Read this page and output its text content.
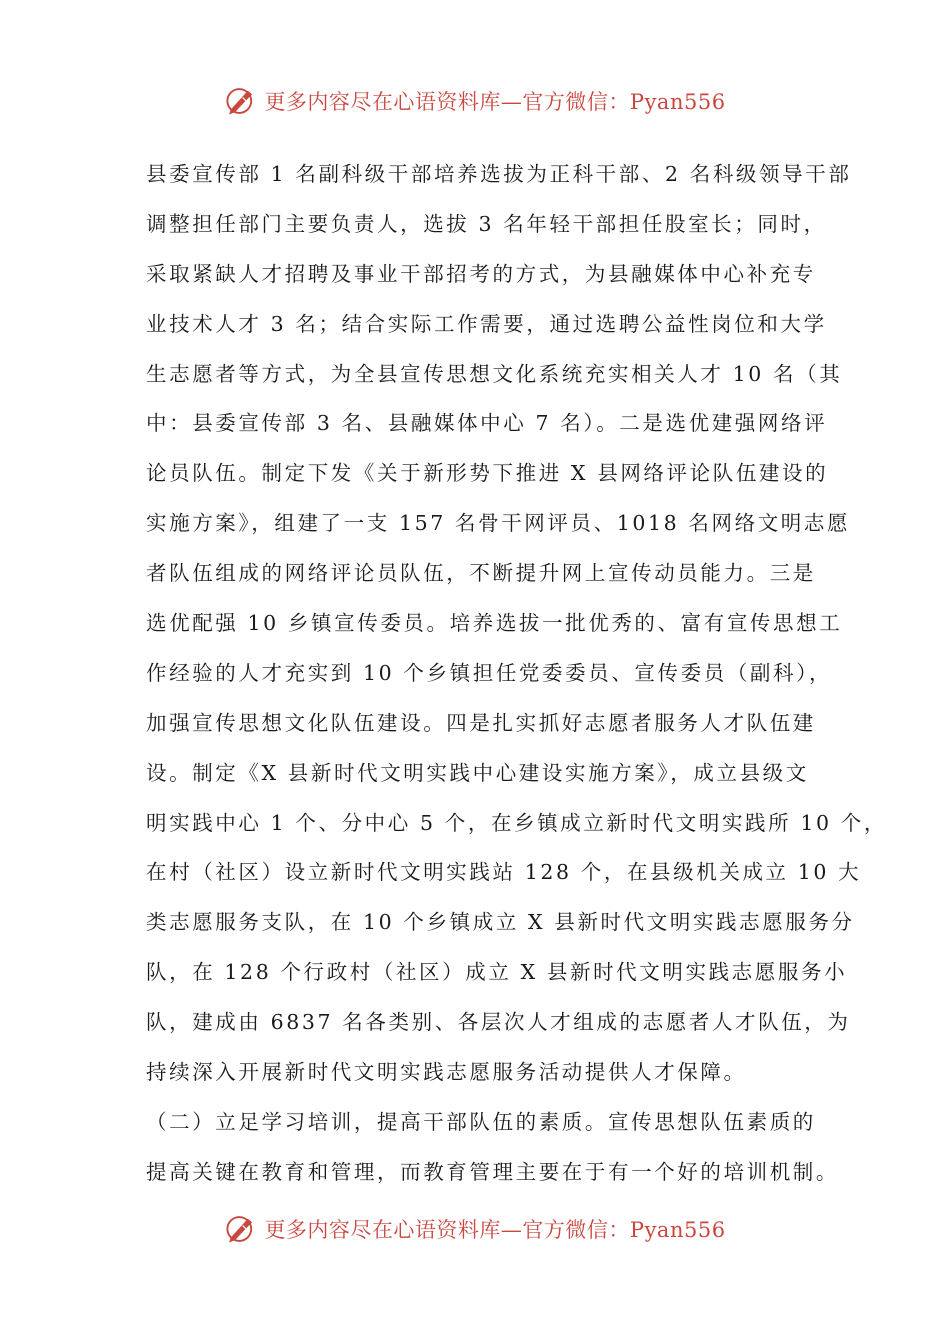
更多内容尽在心语资料库—官方微信：Pyan556
县委宣传部 1 名副科级干部培养选拔为正科干部、2 名科级领导干部
调整担任部门主要负责人，选拔 3 名年轻干部担任股室长；同时，
采取紧缺人才招聘及事业干部招考的方式，为县融媒体中心补充专
业技术人才 3 名；结合实际工作需要，通过选聘公益性岗位和大学
生志愿者等方式，为全县宣传思想文化系统充实相关人才 10 名（其
中：县委宣传部 3 名、县融媒体中心 7 名）。二是选优建强网络评
论员队伍。制定下发《关于新形势下推进 X 县网络评论队伍建设的
实施方案》，组建了一支 157 名骨干网评员、1018 名网络文明志愿
者队伍组成的网络评论员队伍，不断提升网上宣传动员能力。三是
选优配强 10 乡镇宣传委员。培养选拔一批优秀的、富有宣传思想工
作经验的人才充实到 10 个乡镇担任党委委员、宣传委员（副科），
加强宣传思想文化队伍建设。四是扎实抓好志愿者服务人才队伍建
设。制定《X 县新时代文明实践中心建设实施方案》，成立县级文
明实践中心 1 个、分中心 5 个，在乡镇成立新时代文明实践所 10 个，
在村（社区）设立新时代文明实践站 128 个，在县级机关成立 10 大
类志愿服务支队，在 10 个乡镇成立 X 县新时代文明实践志愿服务分
队，在 128 个行政村（社区）成立 X 县新时代文明实践志愿服务小
队，建成由 6837 名各类别、各层次人才组成的志愿者人才队伍，为
持续深入开展新时代文明实践志愿服务活动提供人才保障。
（二）立足学习培训，提高干部队伍的素质。宣传思想队伍素质的
提高关键在教育和管理，而教育管理主要在于有一个好的培训机制。
更多内容尽在心语资料库—官方微信：Pyan556
